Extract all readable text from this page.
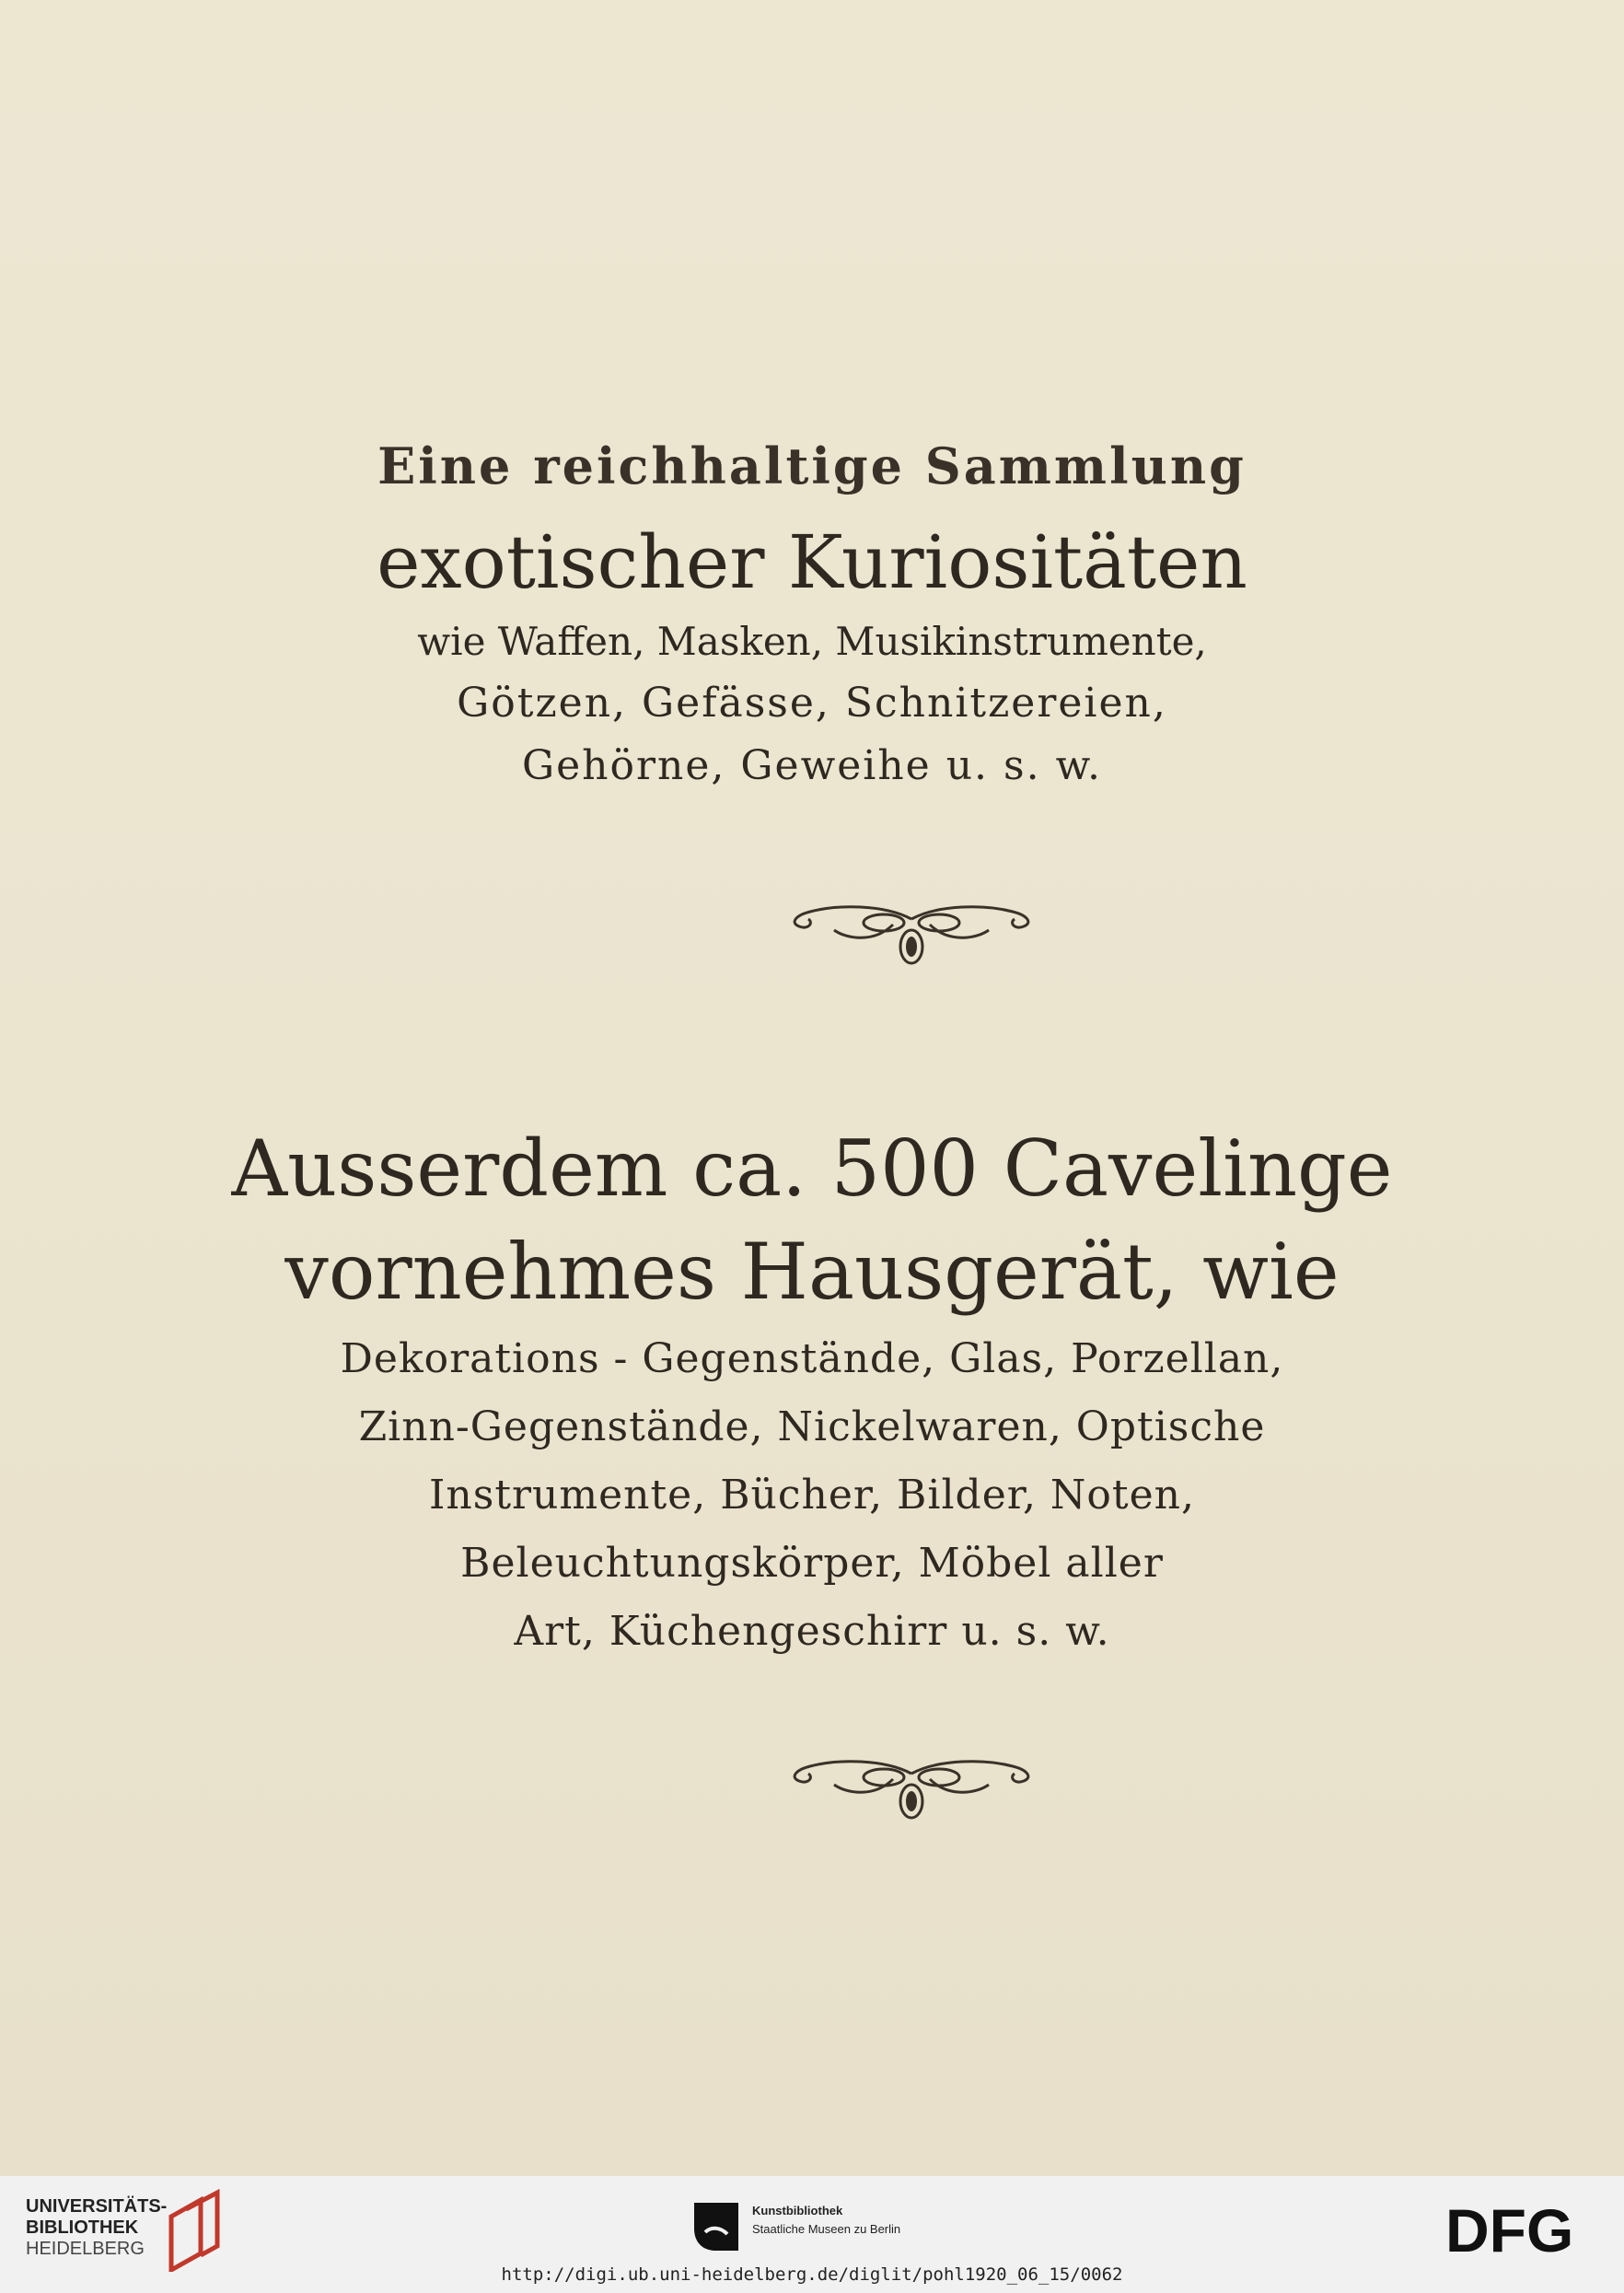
Eine reichhaltige Sammlung
exotischer Kuriositäten

wie Waffen, Masken, Musikinstrumente,

Götzen, Gefässe, Schnitzereien,

Gehörne, Geweihe u. s. w.

Ausserdem ca. 500 Cavelinge
vornehmes Hausgerät, wie

Dekorations - Gegenstände, Glas, Porzellan,

Zinn-Gegenstände, Nickelwaren, Optische

Instrumente, Bücher, Bilder, Noten,

Beleuchtungskörper, Möbel aller

Art, Küchengeschirr u. s. w.

UNIVERSITÄTS-
BIBLIOTHEK
HEIDELBERG
Kunstbibliothek
Staatliche Museen zu Berlin	DFG
http://digi.ub.uni-heidelberg.de/diglit/pohl1920_06_15/0062
